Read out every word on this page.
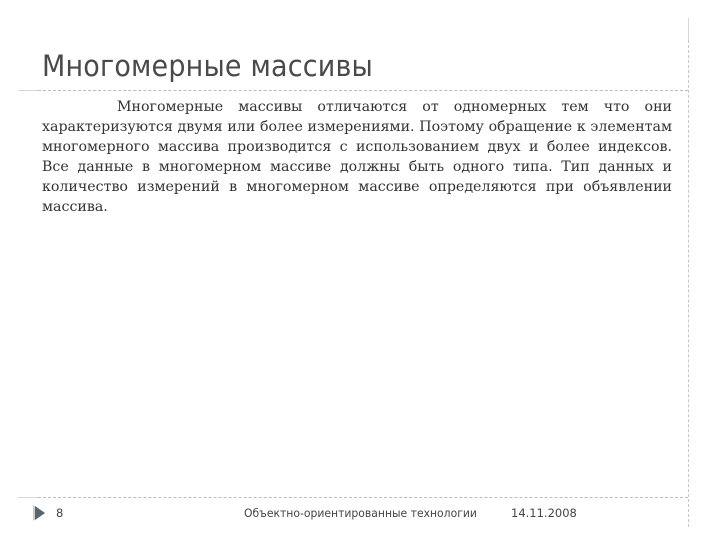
Многомерные массивы

Многомерные массивы отличаются от одномерных тем что они характеризуются двумя или более измерениями. Поэтому обращение к элементам многомерного массива производится с использованием двух и более индексов. Все данные в многомерном массиве должны быть одного типа. Тип данных и количество измерений в многомерном массиве определяются при объявлении массива.

8	Объектно-ориентированные технологии	14.11.2008
